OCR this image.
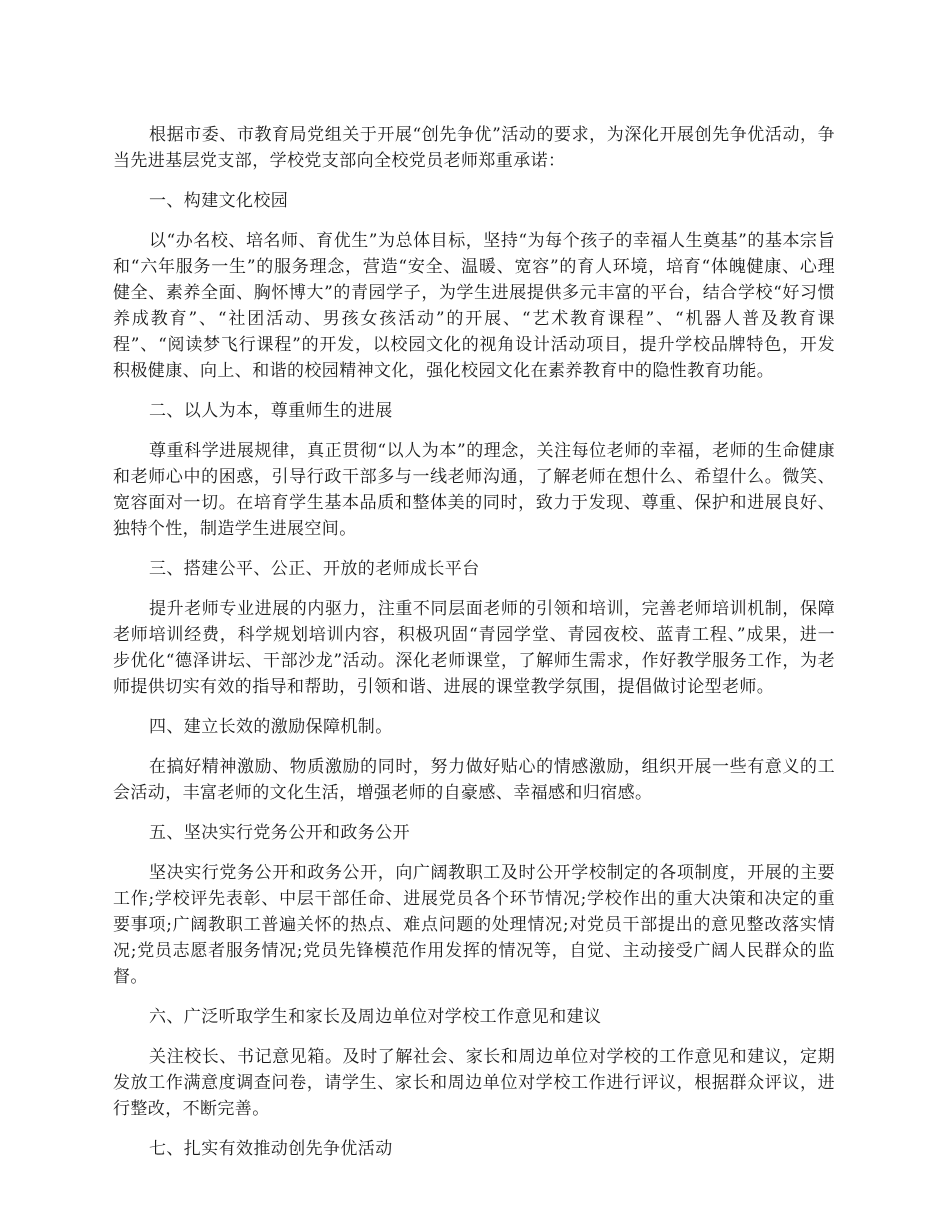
根据市委、市教育局党组关于开展“创先争优”活动的要求，为深化开展创先争优活动，争当先进基层党支部，学校党支部向全校党员老师郑重承诺：

一、构建文化校园

以“办名校、培名师、育优生”为总体目标，坚持“为每个孩子的幸福人生奠基”的基本宗旨和“六年服务一生”的服务理念，营造“安全、温暖、宽容”的育人环境，培育“体魄健康、心理健全、素养全面、胸怀博大”的青园学子，为学生进展提供多元丰富的平台，结合学校“好习惯养成教育”、“社团活动、男孩女孩活动”的开展、“艺术教育课程”、“机器人普及教育课程”、“阅读梦飞行课程”的开发，以校园文化的视角设计活动项目，提升学校品牌特色，开发积极健康、向上、和谐的校园精神文化，强化校园文化在素养教育中的隐性教育功能。

二、以人为本，尊重师生的进展

尊重科学进展规律，真正贯彻“以人为本”的理念，关注每位老师的幸福，老师的生命健康和老师心中的困惑，引导行政干部多与一线老师沟通，了解老师在想什么、希望什么。微笑、宽容面对一切。在培育学生基本品质和整体美的同时，致力于发现、尊重、保护和进展良好、独特个性，制造学生进展空间。

三、搭建公平、公正、开放的老师成长平台

提升老师专业进展的内驱力，注重不同层面老师的引领和培训，完善老师培训机制，保障老师培训经费，科学规划培训内容，积极巩固“青园学堂、青园夜校、蓝青工程、”成果，进一步优化“德泽讲坛、干部沙龙”活动。深化老师课堂，了解师生需求，作好教学服务工作，为老师提供切实有效的指导和帮助，引领和谐、进展的课堂教学氛围，提倡做讨论型老师。

四、建立长效的激励保障机制。

在搞好精神激励、物质激励的同时，努力做好贴心的情感激励，组织开展一些有意义的工会活动，丰富老师的文化生活，增强老师的自豪感、幸福感和归宿感。

五、坚决实行党务公开和政务公开

坚决实行党务公开和政务公开，向广阔教职工及时公开学校制定的各项制度，开展的主要工作;学校评先表彰、中层干部任命、进展党员各个环节情况;学校作出的重大决策和决定的重要事项;广阔教职工普遍关怀的热点、难点问题的处理情况;对党员干部提出的意见整改落实情况;党员志愿者服务情况;党员先锋模范作用发挥的情况等，自觉、主动接受广阔人民群众的监督。

六、广泛听取学生和家长及周边单位对学校工作意见和建议

关注校长、书记意见箱。及时了解社会、家长和周边单位对学校的工作意见和建议，定期发放工作满意度调查问卷，请学生、家长和周边单位对学校工作进行评议，根据群众评议，进行整改，不断完善。

七、扎实有效推动创先争优活动
